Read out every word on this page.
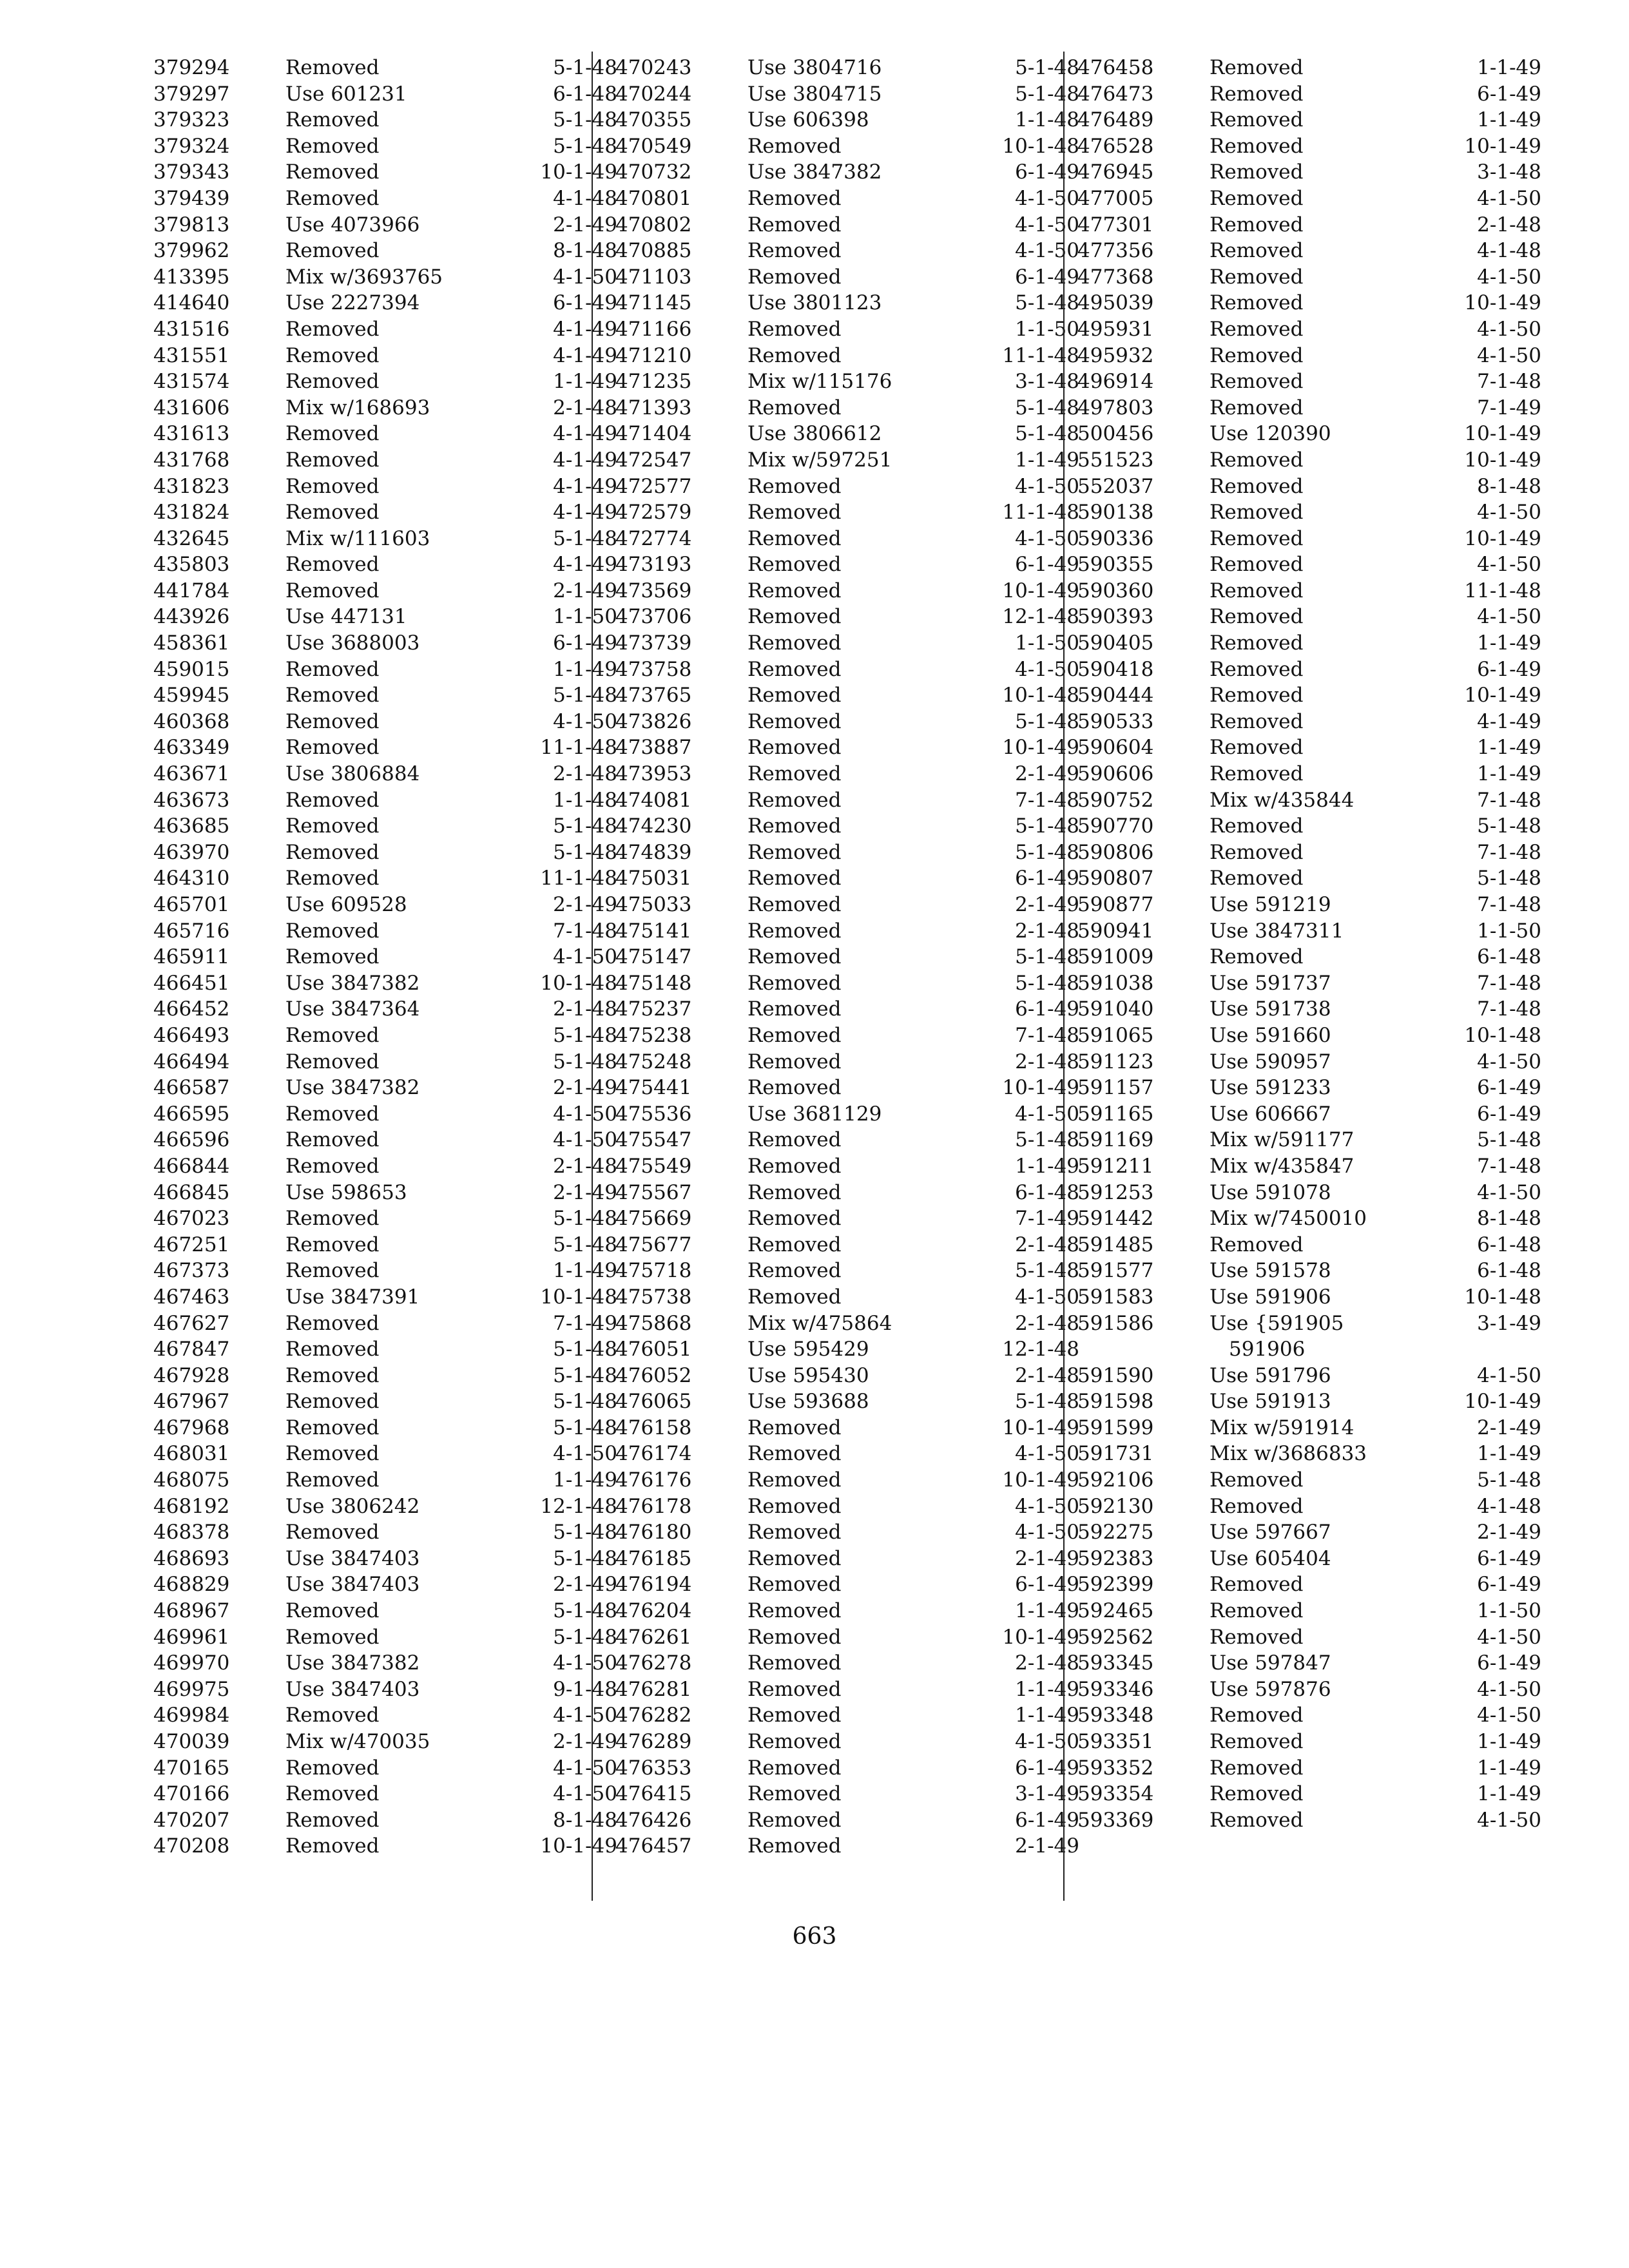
379294	Removed	5-1-48
379297	Use 601231	6-1-48
379323	Removed	5-1-48
379324	Removed	5-1-48
379343	Removed	10-1-49
379439	Removed	4-1-48
379813	Use 4073966	2-1-49
379962	Removed	8-1-48
413395	Mix w/3693765	4-1-50
414640	Use 2227394	6-1-49
431516	Removed	4-1-49
431551	Removed	4-1-49
431574	Removed	1-1-49
431606	Mix w/168693	2-1-48
431613	Removed	4-1-49
431768	Removed	4-1-49
431823	Removed	4-1-49
431824	Removed	4-1-49
432645	Mix w/111603	5-1-48
435803	Removed	4-1-49
441784	Removed	2-1-49
443926	Use 447131	1-1-50
458361	Use 3688003	6-1-49
459015	Removed	1-1-49
459945	Removed	5-1-48
460368	Removed	4-1-50
463349	Removed	11-1-48
463671	Use 3806884	2-1-48
463673	Removed	1-1-48
463685	Removed	5-1-48
463970	Removed	5-1-48
464310	Removed	11-1-48
465701	Use 609528	2-1-49
465716	Removed	7-1-48
465911	Removed	4-1-50
466451	Use 3847382	10-1-48
466452	Use 3847364	2-1-48
466493	Removed	5-1-48
466494	Removed	5-1-48
466587	Use 3847382	2-1-49
466595	Removed	4-1-50
466596	Removed	4-1-50
466844	Removed	2-1-48
466845	Use 598653	2-1-49
467023	Removed	5-1-48
467251	Removed	5-1-48
467373	Removed	1-1-49
467463	Use 3847391	10-1-48
467627	Removed	7-1-49
467847	Removed	5-1-48
467928	Removed	5-1-48
467967	Removed	5-1-48
467968	Removed	5-1-48
468031	Removed	4-1-50
468075	Removed	1-1-49
468192	Use 3806242	12-1-48
468378	Removed	5-1-48
468693	Use 3847403	5-1-48
468829	Use 3847403	2-1-49
468967	Removed	5-1-48
469961	Removed	5-1-48
469970	Use 3847382	4-1-50
469975	Use 3847403	9-1-48
469984	Removed	4-1-50
470039	Mix w/470035	2-1-49
470165	Removed	4-1-50
470166	Removed	4-1-50
470207	Removed	8-1-48
470208	Removed	10-1-49
470243	Use 3804716	5-1-48
470244	Use 3804715	5-1-48
470355	Use 606398	1-1-48
470549	Removed	10-1-48
470732	Use 3847382	6-1-49
470801	Removed	4-1-50
470802	Removed	4-1-50
470885	Removed	4-1-50
471103	Removed	6-1-49
471145	Use 3801123	5-1-48
471166	Removed	1-1-50
471210	Removed	11-1-48
471235	Mix w/115176	3-1-48
471393	Removed	5-1-48
471404	Use 3806612	5-1-48
472547	Mix w/597251	1-1-49
472577	Removed	4-1-50
472579	Removed	11-1-48
472774	Removed	4-1-50
473193	Removed	6-1-49
473569	Removed	10-1-49
473706	Removed	12-1-48
473739	Removed	1-1-50
473758	Removed	4-1-50
473765	Removed	10-1-48
473826	Removed	5-1-48
473887	Removed	10-1-49
473953	Removed	2-1-49
474081	Removed	7-1-48
474230	Removed	5-1-48
474839	Removed	5-1-48
475031	Removed	6-1-49
475033	Removed	2-1-49
475141	Removed	2-1-48
475147	Removed	5-1-48
475148	Removed	5-1-48
475237	Removed	6-1-49
475238	Removed	7-1-48
475248	Removed	2-1-48
475441	Removed	10-1-49
475536	Use 3681129	4-1-50
475547	Removed	5-1-48
475549	Removed	1-1-49
475567	Removed	6-1-48
475669	Removed	7-1-49
475677	Removed	2-1-48
475718	Removed	5-1-48
475738	Removed	4-1-50
475868	Mix w/475864	2-1-48
476051	Use 595429	12-1-48
476052	Use 595430	2-1-48
476065	Use 593688	5-1-48
476158	Removed	10-1-49
476174	Removed	4-1-50
476176	Removed	10-1-49
476178	Removed	4-1-50
476180	Removed	4-1-50
476185	Removed	2-1-49
476194	Removed	6-1-49
476204	Removed	1-1-49
476261	Removed	10-1-49
476278	Removed	2-1-48
476281	Removed	1-1-49
476282	Removed	1-1-49
476289	Removed	4-1-50
476353	Removed	6-1-49
476415	Removed	3-1-49
476426	Removed	6-1-49
476457	Removed	2-1-49
476458	Removed	1-1-49
476473	Removed	6-1-49
476489	Removed	1-1-49
476528	Removed	10-1-49
476945	Removed	3-1-48
477005	Removed	4-1-50
477301	Removed	2-1-48
477356	Removed	4-1-48
477368	Removed	4-1-50
495039	Removed	10-1-49
495931	Removed	4-1-50
495932	Removed	4-1-50
496914	Removed	7-1-48
497803	Removed	7-1-49
500456	Use 120390	10-1-49
551523	Removed	10-1-49
552037	Removed	8-1-48
590138	Removed	4-1-50
590336	Removed	10-1-49
590355	Removed	4-1-50
590360	Removed	11-1-48
590393	Removed	4-1-50
590405	Removed	1-1-49
590418	Removed	6-1-49
590444	Removed	10-1-49
590533	Removed	4-1-49
590604	Removed	1-1-49
590606	Removed	1-1-49
590752	Mix w/435844	7-1-48
590770	Removed	5-1-48
590806	Removed	7-1-48
590807	Removed	5-1-48
590877	Use 591219	7-1-48
590941	Use 3847311	1-1-50
591009	Removed	6-1-48
591038	Use 591737	7-1-48
591040	Use 591738	7-1-48
591065	Use 591660	10-1-48
591123	Use 590957	4-1-50
591157	Use 591233	6-1-49
591165	Use 606667	6-1-49
591169	Mix w/591177	5-1-48
591211	Mix w/435847	7-1-48
591253	Use 591078	4-1-50
591442	Mix w/7450010	8-1-48
591485	Removed	6-1-48
591577	Use 591578	6-1-48
591583	Use 591906	10-1-48
591586	Use {591905	3-1-49
591906
591590	Use 591796	4-1-50
591598	Use 591913	10-1-49
591599	Mix w/591914	2-1-49
591731	Mix w/3686833	1-1-49
592106	Removed	5-1-48
592130	Removed	4-1-48
592275	Use 597667	2-1-49
592383	Use 605404	6-1-49
592399	Removed	6-1-49
592465	Removed	1-1-50
592562	Removed	4-1-50
593345	Use 597847	6-1-49
593346	Use 597876	4-1-50
593348	Removed	4-1-50
593351	Removed	1-1-49
593352	Removed	1-1-49
593354	Removed	1-1-49
593369	Removed	4-1-50
663
